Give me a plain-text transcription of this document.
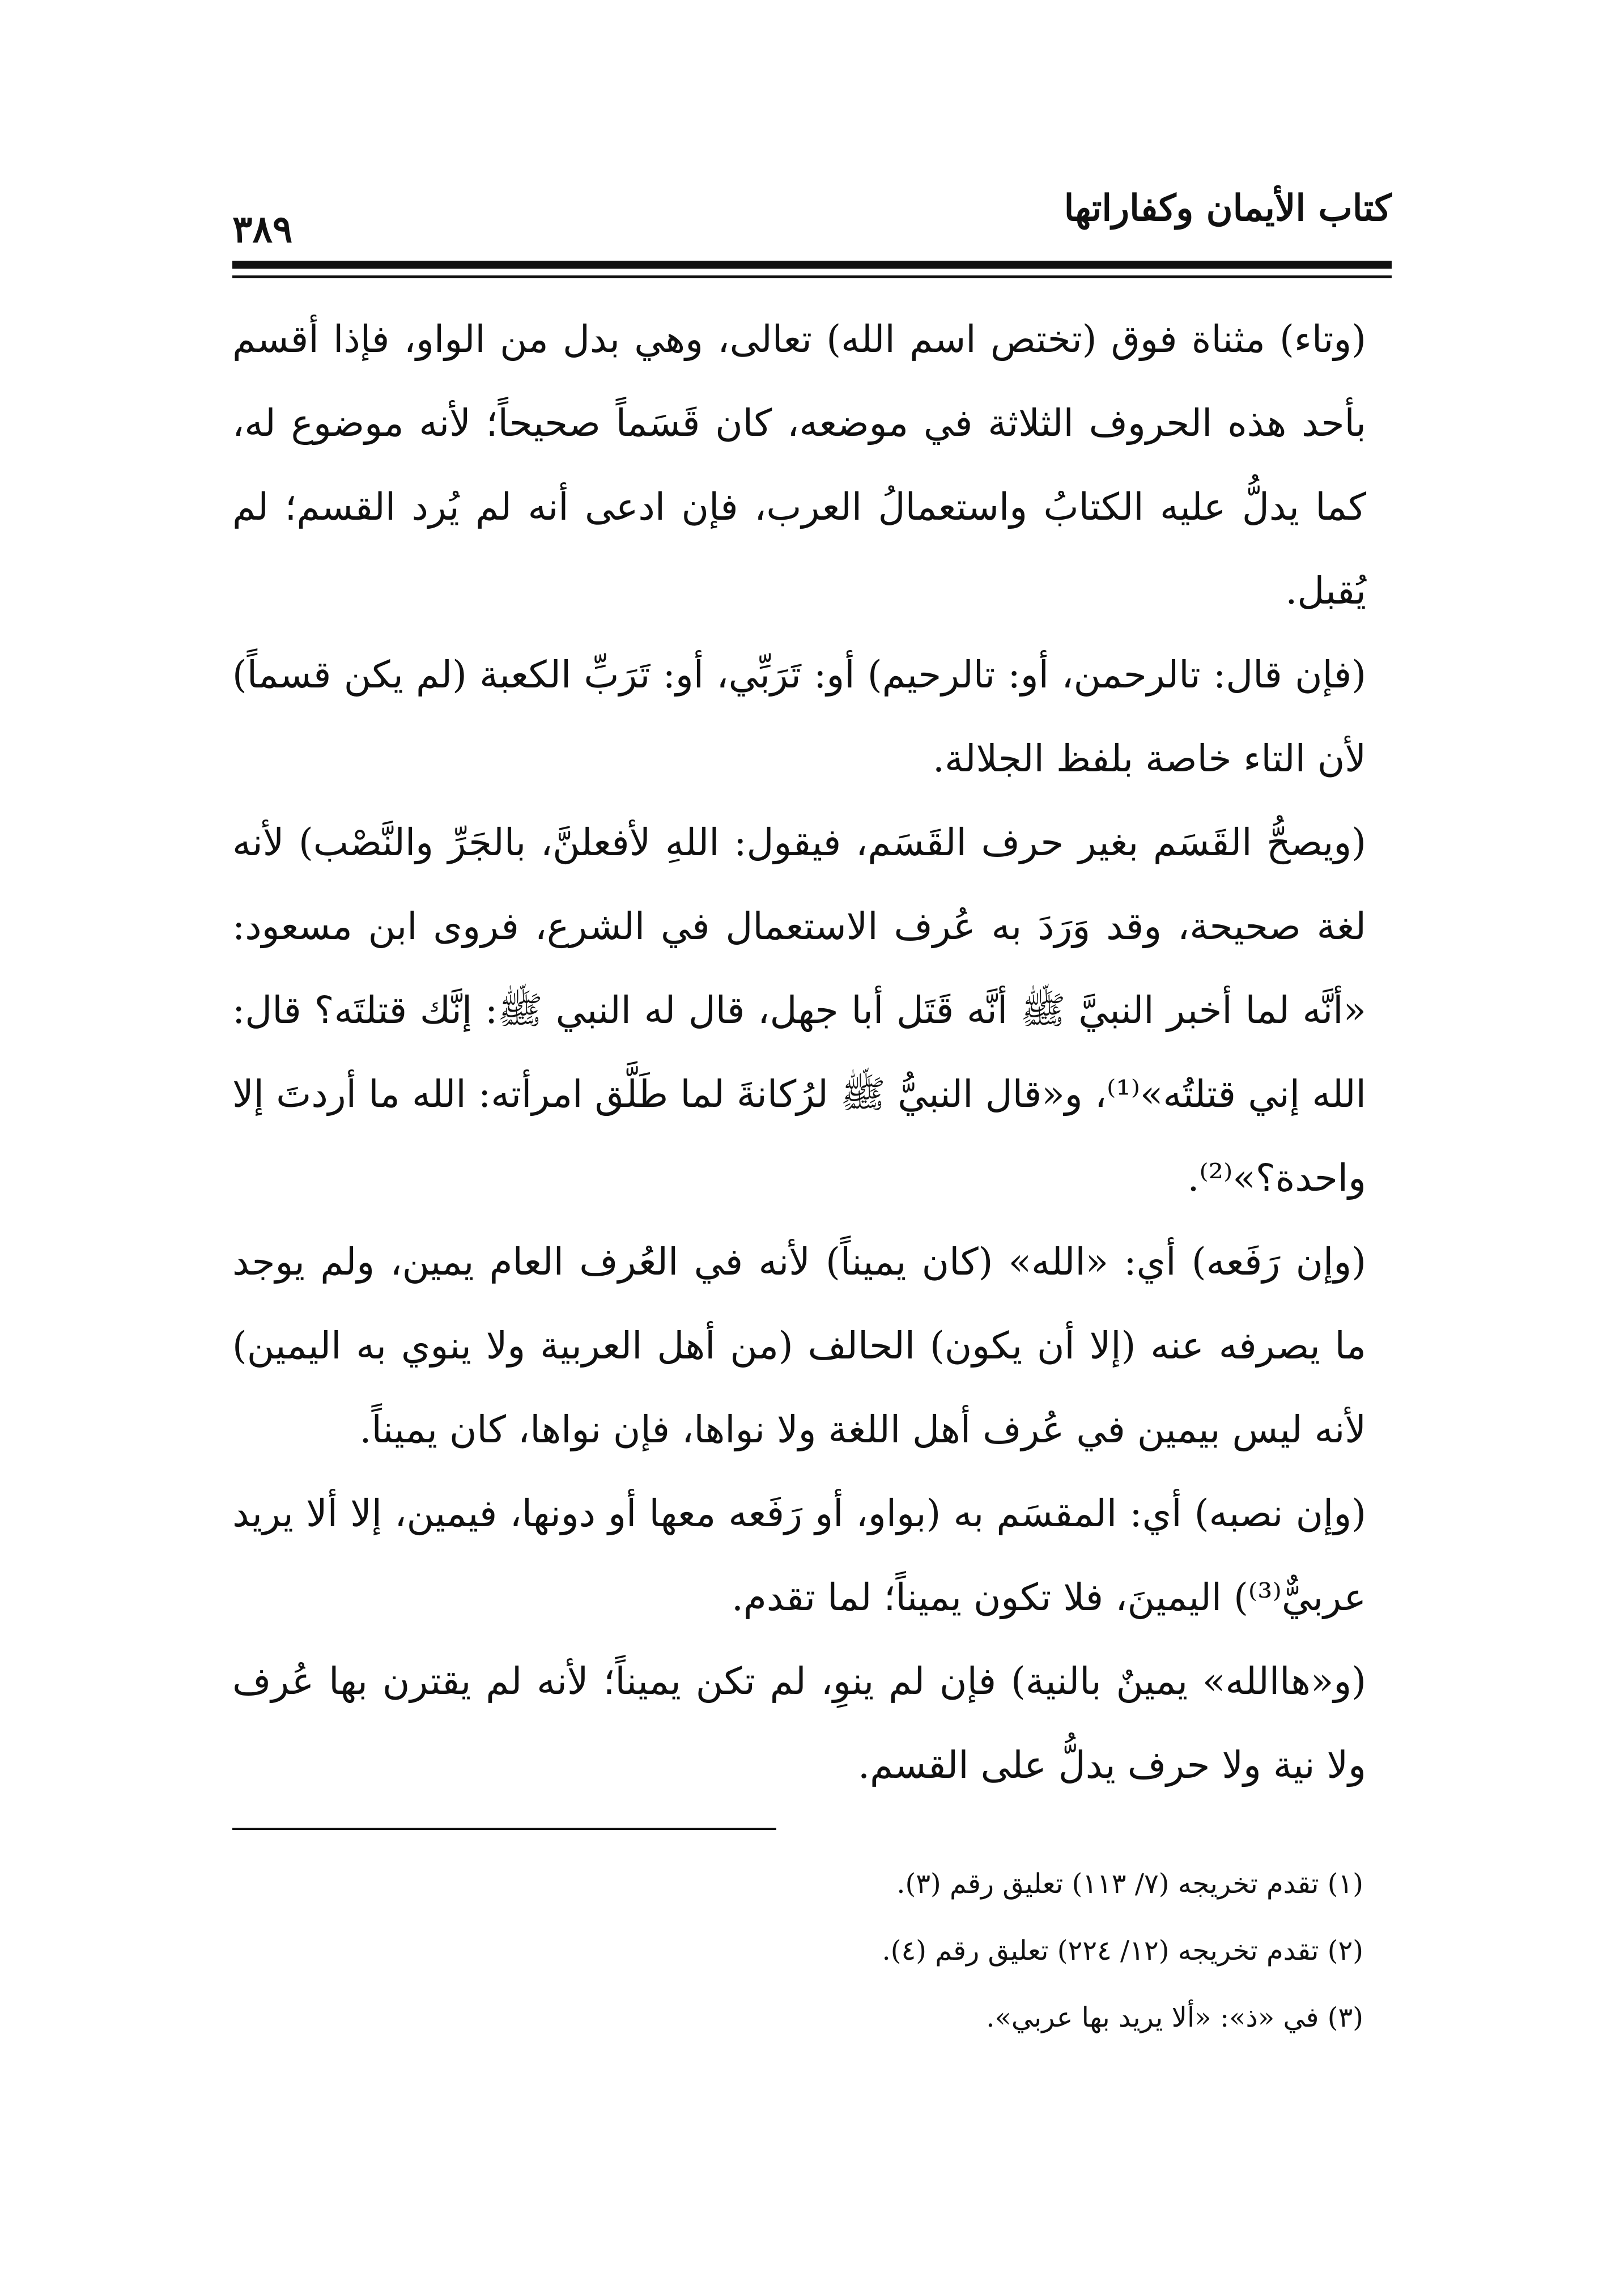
كتاب الأيمان وكفاراتها
٣٨٩

(وتاء) مثناة فوق (تختص اسم الله) تعالى، وهي بدل من الواو، فإذا أقسم بأحد هذه الحروف الثلاثة في موضعه، كان قَسَماً صحيحاً؛ لأنه موضوع له، كما يدلُّ عليه الكتابُ واستعمالُ العرب، فإن ادعى أنه لم يُرد القسم؛ لم يُقبل.

(فإن قال: تالرحمن، أو: تالرحيم) أو: تَرَبِّي، أو: تَرَبِّ الكعبة (لم يكن قسماً) لأن التاء خاصة بلفظ الجلالة.

(ويصحُّ القَسَم بغير حرف القَسَم، فيقول: اللهِ لأفعلنَّ، بالجَرِّ والنَّصْب) لأنه لغة صحيحة، وقد وَرَدَ به عُرف الاستعمال في الشرع، فروى ابن مسعود: «أنَّه لما أخبر النبيَّ ﷺ أنَّه قَتَل أبا جهل، قال له النبي ﷺ: إنَّك قتلتَه؟ قال: الله إني قتلتُه»⁽¹⁾، و«قال النبيُّ ﷺ لرُكانةَ لما طَلَّق امرأته: الله ما أردتَ إلا واحدة؟»⁽²⁾.

(وإن رَفَعه) أي: «الله» (كان يميناً) لأنه في العُرف العام يمين، ولم يوجد ما يصرفه عنه (إلا أن يكون) الحالف (من أهل العربية ولا ينوي به اليمين) لأنه ليس بيمين في عُرف أهل اللغة ولا نواها، فإن نواها، كان يميناً.

(وإن نصبه) أي: المقسَم به (بواو، أو رَفَعه معها أو دونها، فيمين، إلا ألا يريد عربيٌّ⁽³⁾) اليمينَ، فلا تكون يميناً؛ لما تقدم.

(و«هاالله» يمينٌ بالنية) فإن لم ينوِ، لم تكن يميناً؛ لأنه لم يقترن بها عُرف ولا نية ولا حرف يدلُّ على القسم.

(١) تقدم تخريجه (٧/ ١١٣) تعليق رقم (٣).

(٢) تقدم تخريجه (١٢/ ٢٢٤) تعليق رقم (٤).

(٣) في «ذ»: «ألا يريد بها عربي».
